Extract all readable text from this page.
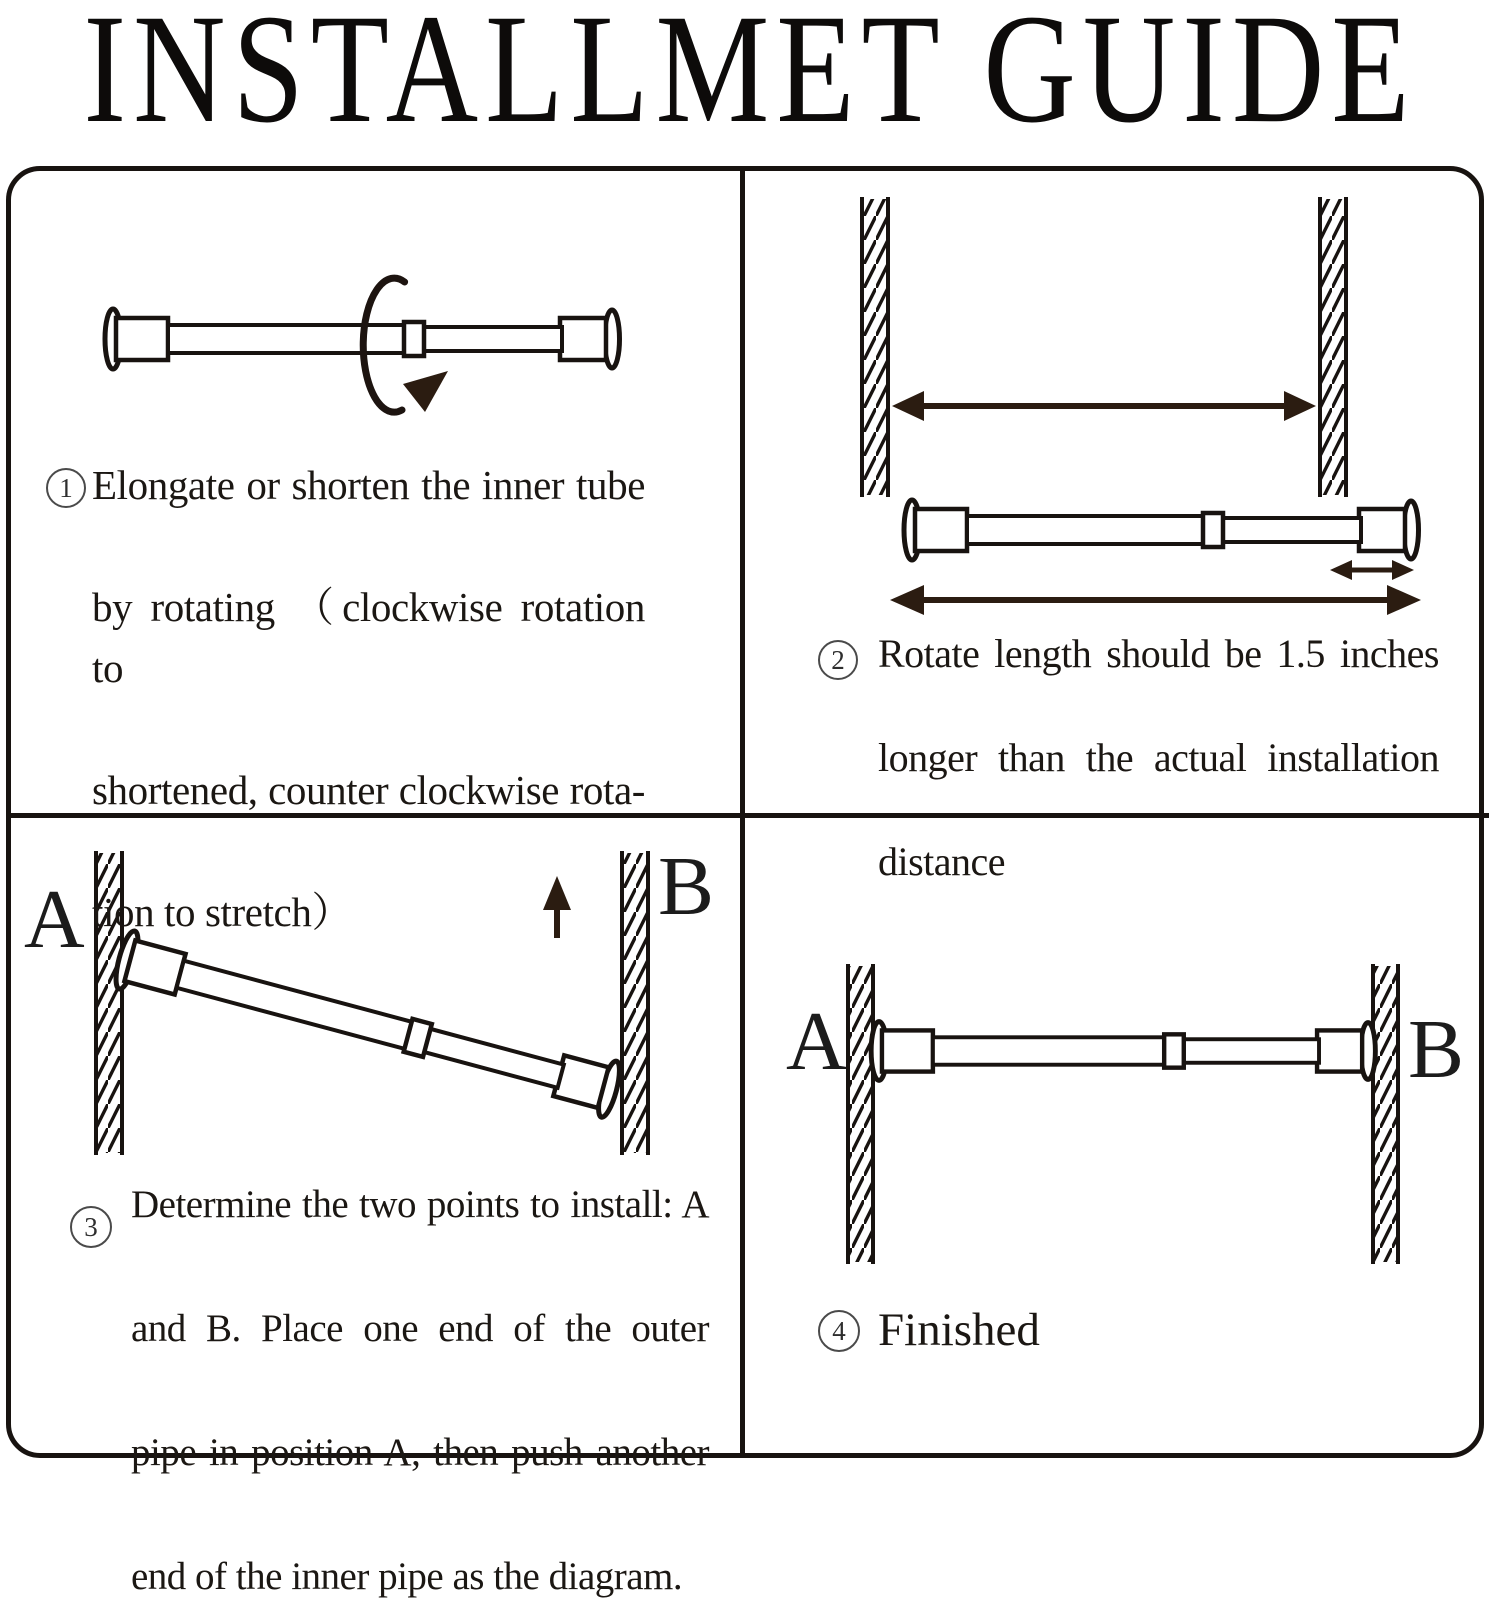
INSTALLMET GUIDE
1 Elongate or shorten the inner tube
by rotating （clockwise rotation to
shortened, counter clockwise rota-
tion to stretch）
2 Rotate length should be 1.5 inches
longer than the actual installation
distance
3
Determine the two points to install: A
and B. Place one end of the outer
pipe in position A, then push another
end of the inner pipe as the diagram.
4 Finished
A	B
A	B
